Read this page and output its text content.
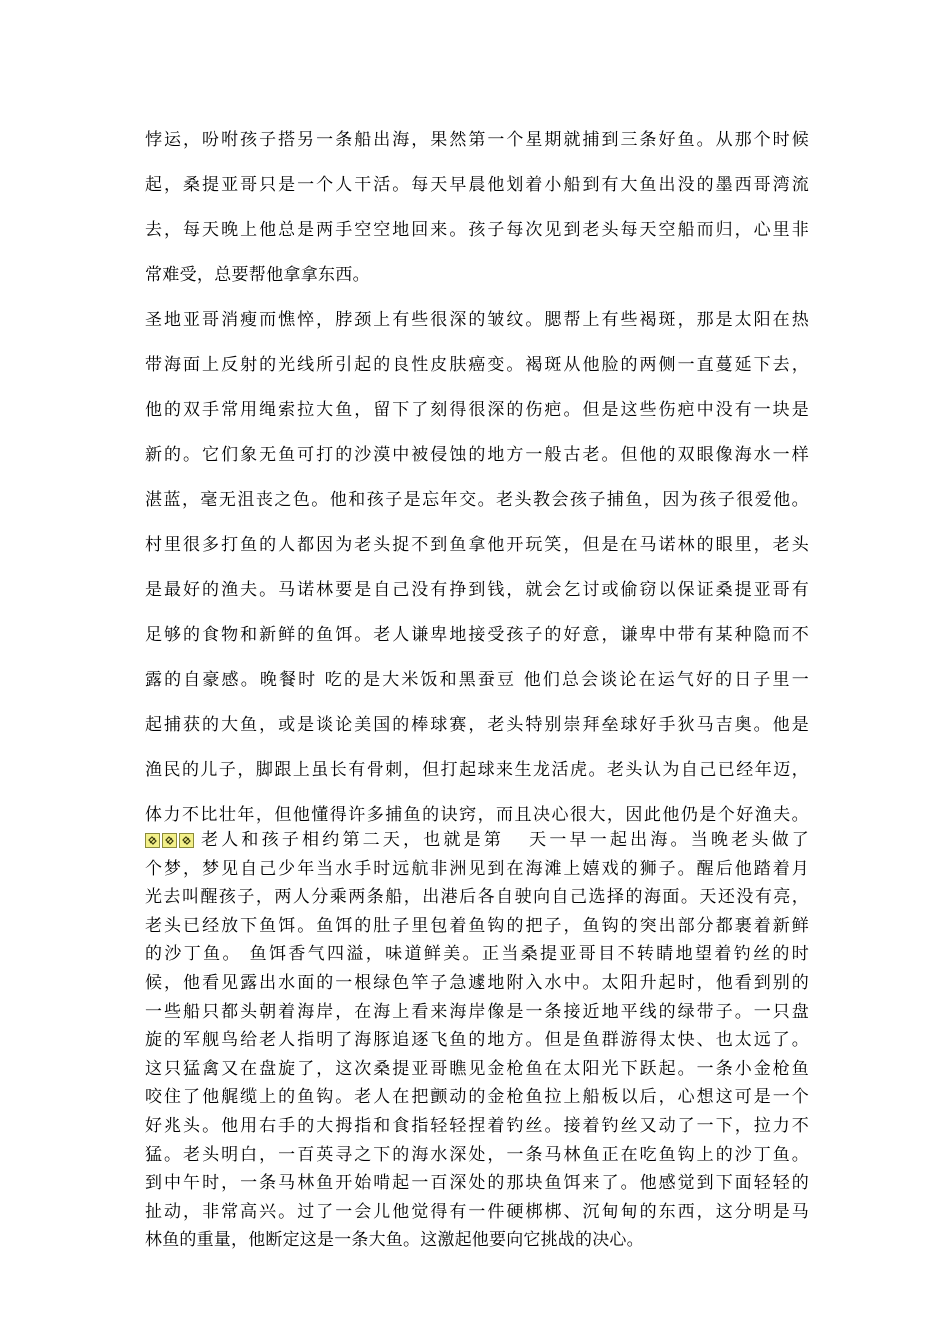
悖运，吩咐孩子搭另一条船出海，果然第一个星期就捕到三条好鱼。从那个时候
起，桑提亚哥只是一个人干活。每天早晨他划着小船到有大鱼出没的墨西哥湾流
去，每天晚上他总是两手空空地回来。孩子每次见到老头每天空船而归，心里非
常难受，总要帮他拿拿东西。
圣地亚哥消瘦而憔悴，脖颈上有些很深的皱纹。腮帮上有些褐斑，那是太阳在热
带海面上反射的光线所引起的良性皮肤癌变。褐斑从他脸的两侧一直蔓延下去，
他的双手常用绳索拉大鱼，留下了刻得很深的伤疤。但是这些伤疤中没有一块是
新的。它们象无鱼可打的沙漠中被侵蚀的地方一般古老。但他的双眼像海水一样
湛蓝，毫无沮丧之色。他和孩子是忘年交。老头教会孩子捕鱼，因为孩子很爱他。
村里很多打鱼的人都因为老头捉不到鱼拿他开玩笑，但是在马诺林的眼里，老头
是最好的渔夫。马诺林要是自己没有挣到钱，就会乞讨或偷窃以保证桑提亚哥有
足够的食物和新鲜的鱼饵。老人谦卑地接受孩子的好意，谦卑中带有某种隐而不
露的自豪感。晚餐时 吃的是大米饭和黑蚕豆 他们总会谈论在运气好的日子里一
起捕获的大鱼，或是谈论美国的棒球赛，老头特别崇拜垒球好手狄马吉奥。他是
渔民的儿子，脚跟上虽长有骨刺，但打起球来生龙活虎。老头认为自己已经年迈，
体力不比壮年，但他懂得许多捕鱼的诀窍，而且决心很大，因此他仍是个好渔夫。
老人和孩子相约第二天，也就是第 天一早一起出海。当晚老头做了
个梦，梦见自己少年当水手时远航非洲见到在海滩上嬉戏的狮子。醒后他踏着月
光去叫醒孩子，两人分乘两条船，出港后各自驶向自己选择的海面。天还没有亮，
老头已经放下鱼饵。鱼饵的肚子里包着鱼钩的把子，鱼钩的突出部分都裹着新鲜
的沙丁鱼。 鱼饵香气四溢，味道鲜美。正当桑提亚哥目不转睛地望着钓丝的时
候，他看见露出水面的一根绿色竿子急遽地附入水中。太阳升起时，他看到别的
一些船只都头朝着海岸，在海上看来海岸像是一条接近地平线的绿带子。一只盘
旋的军舰鸟给老人指明了海豚追逐飞鱼的地方。但是鱼群游得太快、也太远了。
这只猛禽又在盘旋了，这次桑提亚哥瞧见金枪鱼在太阳光下跃起。一条小金枪鱼
咬住了他艉缆上的鱼钩。老人在把颤动的金枪鱼拉上船板以后，心想这可是一个
好兆头。他用右手的大拇指和食指轻轻捏着钓丝。接着钓丝又动了一下，拉力不
猛。老头明白，一百英寻之下的海水深处，一条马林鱼正在吃鱼钩上的沙丁鱼。
到中午时，一条马林鱼开始啃起一百深处的那块鱼饵来了。他感觉到下面轻轻的
扯动，非常高兴。过了一会儿他觉得有一件硬梆梆、沉甸甸的东西，这分明是马
林鱼的重量，他断定这是一条大鱼。这激起他要向它挑战的决心。
